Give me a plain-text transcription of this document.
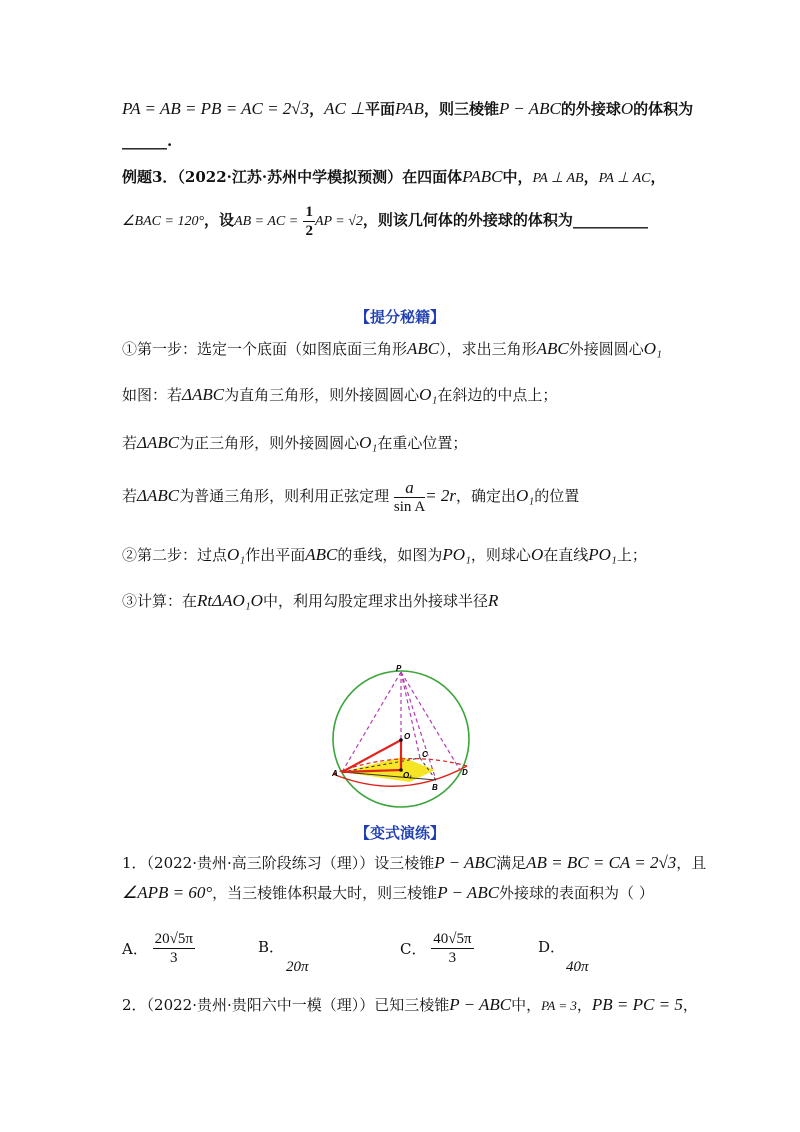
PA = AB = PB = AC = 2√3，AC ⊥平面PAB，则三棱锥P − ABC的外接球O的体积为
______.
例题3．（2022·江苏·苏州中学模拟预测）在四面体PABC中，PA ⊥ AB，PA ⊥ AC，
∠BAC = 120°，设AB = AC = $\frac{1}{2}$ AP = √2，则该几何体的外接球的体积为__________
【提分秘籍】
①第一步：选定一个底面（如图底面三角形ABC），求出三角形ABC外接圆圆心O₁
如图：若ΔABC为直角三角形，则外接圆圆心O₁在斜边的中点上；
若ΔABC为正三角形，则外接圆圆心O₁在重心位置；
若ΔABC为普通三角形，则利用正弦定理 $\frac{a}{\text{sin A}} = 2r$，确定出O₁的位置
②第二步：过点O₁作出平面ABC的垂线，如图为PO₁，则球心O在直线PO₁上；
③计算：在RtΔAO₁O中，利用勾股定理求出外接球半径R
P
O
C
A	O₁
B
D
【变式演练】
1．（2022·贵州·高三阶段练习（理））设三棱锥P − ABC满足AB = BC = CA = 2√3，且
∠APB = 60°，当三棱锥体积最大时，则三棱锥P − ABC外接球的表面积为（ ）
A． $\frac{20√5\pi}{3}$	B．
20π
C． $\frac{40√5\pi}{3}$	D．
40π
2．（2022·贵州·贵阳六中一模（理））已知三棱锥P − ABC中，PA = 3，PB = PC = 5，
